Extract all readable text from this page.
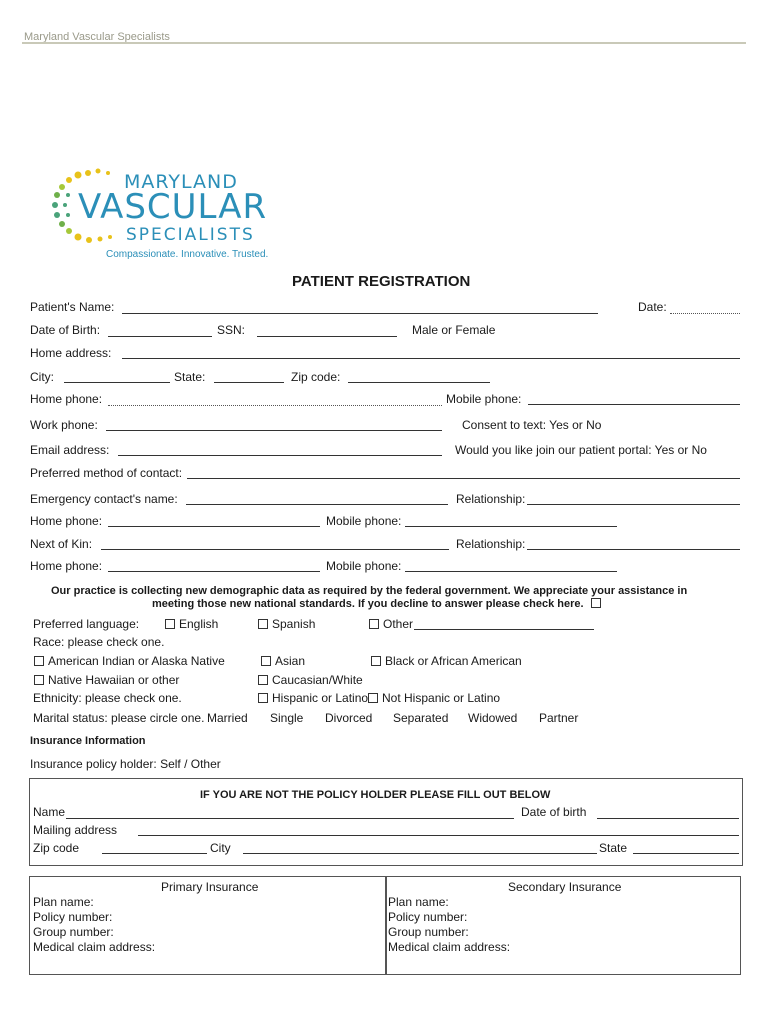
Maryland Vascular Specialists
MARYLAND
VASCULAR
SPECIALISTS
Compassionate. Innovative. Trusted.
PATIENT REGISTRATION
Patient's Name:	Date:
Date of Birth:	SSN:	Male or Female
Home address:
City:	State:	Zip code:
Home phone:	Mobile phone:
Work phone:	Consent to text: Yes or No
Email address:	Would you like join our patient portal: Yes or No
Preferred method of contact:
Emergency contact's name:	Relationship:
Home phone:	Mobile phone:
Next of Kin:	Relationship:
Home phone:	Mobile phone:
Our practice is collecting new demographic data as required by the federal government. We appreciate your assistance in
meeting those new national standards. If you decline to answer please check here.
Preferred language:	English	Spanish	Other
Race: please check one.
American Indian or Alaska Native	Asian	Black or African American
Native Hawaiian or other	Caucasian/White
Ethnicity: please check one.	Hispanic or Latino	Not Hispanic or Latino
Marital status: please circle one. Married Single Divorced Separated Widowed Partner
Insurance Information
Insurance policy holder: Self / Other
IF YOU ARE NOT THE POLICY HOLDER PLEASE FILL OUT BELOW
Name	Date of birth
Mailing address
Zip code	City	State
Primary Insurance
Plan name:
Policy number:
Group number:
Medical claim address:
Secondary Insurance
Plan name:
Policy number:
Group number:
Medical claim address:
